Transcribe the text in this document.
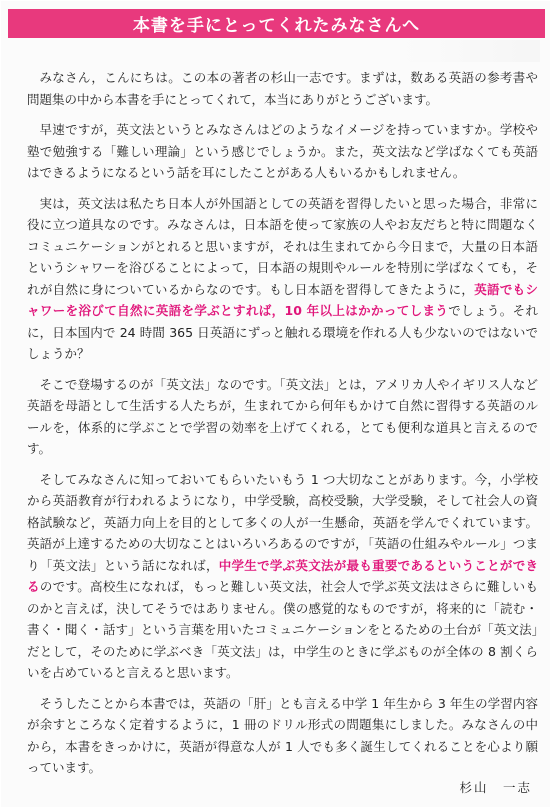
本書を手にとってくれたみなさんへ

みなさん，こんにちは。この本の著者の杉山一志です。まずは，数ある英語の参考書や問題集の中から本書を手にとってくれて，本当にありがとうございます。

早速ですが，英文法というとみなさんはどのようなイメージを持っていますか。学校や塾で勉強する「難しい理論」という感じでしょうか。また，英文法など学ばなくても英語はできるようになるという話を耳にしたことがある人もいるかもしれません。

実は，英文法は私たち日本人が外国語としての英語を習得したいと思った場合，非常に役に立つ道具なのです。みなさんは，日本語を使って家族の人やお友だちと特に問題なくコミュニケーションがとれると思いますが，それは生まれてから今日まで，大量の日本語というシャワーを浴びることによって，日本語の規則やルールを特別に学ばなくても，それが自然に身についているからなのです。もし日本語を習得してきたように，英語でもシャワーを浴びて自然に英語を学ぶとすれば，10 年以上はかかってしまうでしょう。それに，日本国内で 24 時間 365 日英語にずっと触れる環境を作れる人も少ないのではないでしょうか？

そこで登場するのが「英文法」なのです。「英文法」とは，アメリカ人やイギリス人など英語を母語として生活する人たちが，生まれてから何年もかけて自然に習得する英語のルールを，体系的に学ぶことで学習の効率を上げてくれる，とても便利な道具と言えるのです。

そしてみなさんに知っておいてもらいたいもう 1 つ大切なことがあります。今，小学校から英語教育が行われるようになり，中学受験，高校受験，大学受験，そして社会人の資格試験など，英語力向上を目的として多くの人が一生懸命，英語を学んでくれています。英語が上達するための大切なことはいろいろあるのですが，「英語の仕組みやルール」つまり「英文法」という話になれば，中学生で学ぶ英文法が最も重要であるということができるのです。高校生になれば，もっと難しい英文法，社会人で学ぶ英文法はさらに難しいものかと言えば，決してそうではありません。僕の感覚的なものですが，将来的に「読む・書く・聞く・話す」という言葉を用いたコミュニケーションをとるための土台が「英文法」だとして，そのために学ぶべき「英文法」は，中学生のときに学ぶものが全体の 8 割くらいを占めていると言えると思います。

そうしたことから本書では，英語の「肝」とも言える中学 1 年生から 3 年生の学習内容が余すところなく定着するように，1 冊のドリル形式の問題集にしました。みなさんの中から，本書をきっかけに，英語が得意な人が 1 人でも多く誕生してくれることを心より願っています。

杉山　一志
